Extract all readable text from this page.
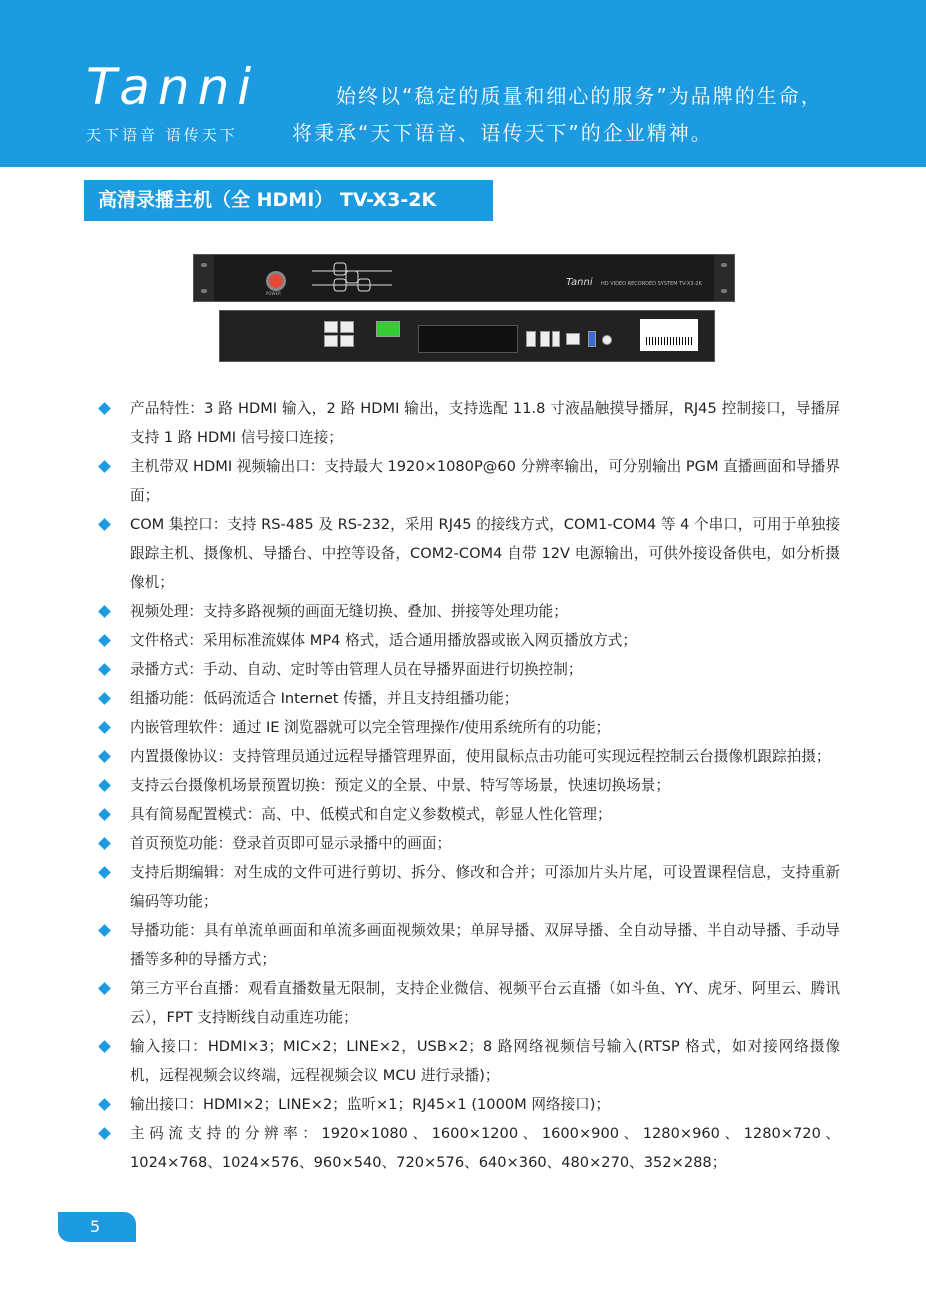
Tanni
天下语音 语传天下
始终以“稳定的质量和细心的服务”为品牌的生命，
将秉承“天下语音、语传天下”的企业精神。
高清录播主机（全 HDMI） TV-X3-2K
POWER
Tanni HD VIDEO RECORDED SYSTEM TV-X3-2K
产品特性：3 路 HDMI 输入，2 路 HDMI 输出，支持选配 11.8 寸液晶触摸导播屏，RJ45 控制接口，导播屏支持 1 路 HDMI 信号接口连接；
主机带双 HDMI 视频输出口：支持最大 1920×1080P@60 分辨率输出，可分别输出 PGM 直播画面和导播界面；
COM 集控口：支持 RS-485 及 RS-232，采用 RJ45 的接线方式，COM1-COM4 等 4 个串口，可用于单独接跟踪主机、摄像机、导播台、中控等设备，COM2-COM4 自带 12V 电源输出，可供外接设备供电，如分析摄像机；
视频处理：支持多路视频的画面无缝切换、叠加、拼接等处理功能；
文件格式：采用标准流媒体 MP4 格式，适合通用播放器或嵌入网页播放方式；
录播方式：手动、自动、定时等由管理人员在导播界面进行切换控制；
组播功能：低码流适合 Internet 传播，并且支持组播功能；
内嵌管理软件：通过 IE 浏览器就可以完全管理操作/使用系统所有的功能；
内置摄像协议：支持管理员通过远程导播管理界面，使用鼠标点击功能可实现远程控制云台摄像机跟踪拍摄；
支持云台摄像机场景预置切换：预定义的全景、中景、特写等场景，快速切换场景；
具有简易配置模式：高、中、低模式和自定义参数模式，彰显人性化管理；
首页预览功能：登录首页即可显示录播中的画面；
支持后期编辑：对生成的文件可进行剪切、拆分、修改和合并；可添加片头片尾，可设置课程信息，支持重新编码等功能；
导播功能：具有单流单画面和单流多画面视频效果；单屏导播、双屏导播、全自动导播、半自动导播、手动导播等多种的导播方式；
第三方平台直播：观看直播数量无限制，支持企业微信、视频平台云直播（如斗鱼、YY、虎牙、阿里云、腾讯云），FPT 支持断线自动重连功能；
输入接口：HDMI×3；MIC×2；LINE×2，USB×2；8 路网络视频信号输入(RTSP 格式，如对接网络摄像机，远程视频会议终端，远程视频会议 MCU 进行录播)；
输出接口：HDMI×2；LINE×2；监听×1；RJ45×1 (1000M 网络接口)；
主码流支持的分辨率：1920×1080、1600×1200、1600×900、1280×960、1280×720、1024×768、1024×576、960×540、720×576、640×360、480×270、352×288；
5
